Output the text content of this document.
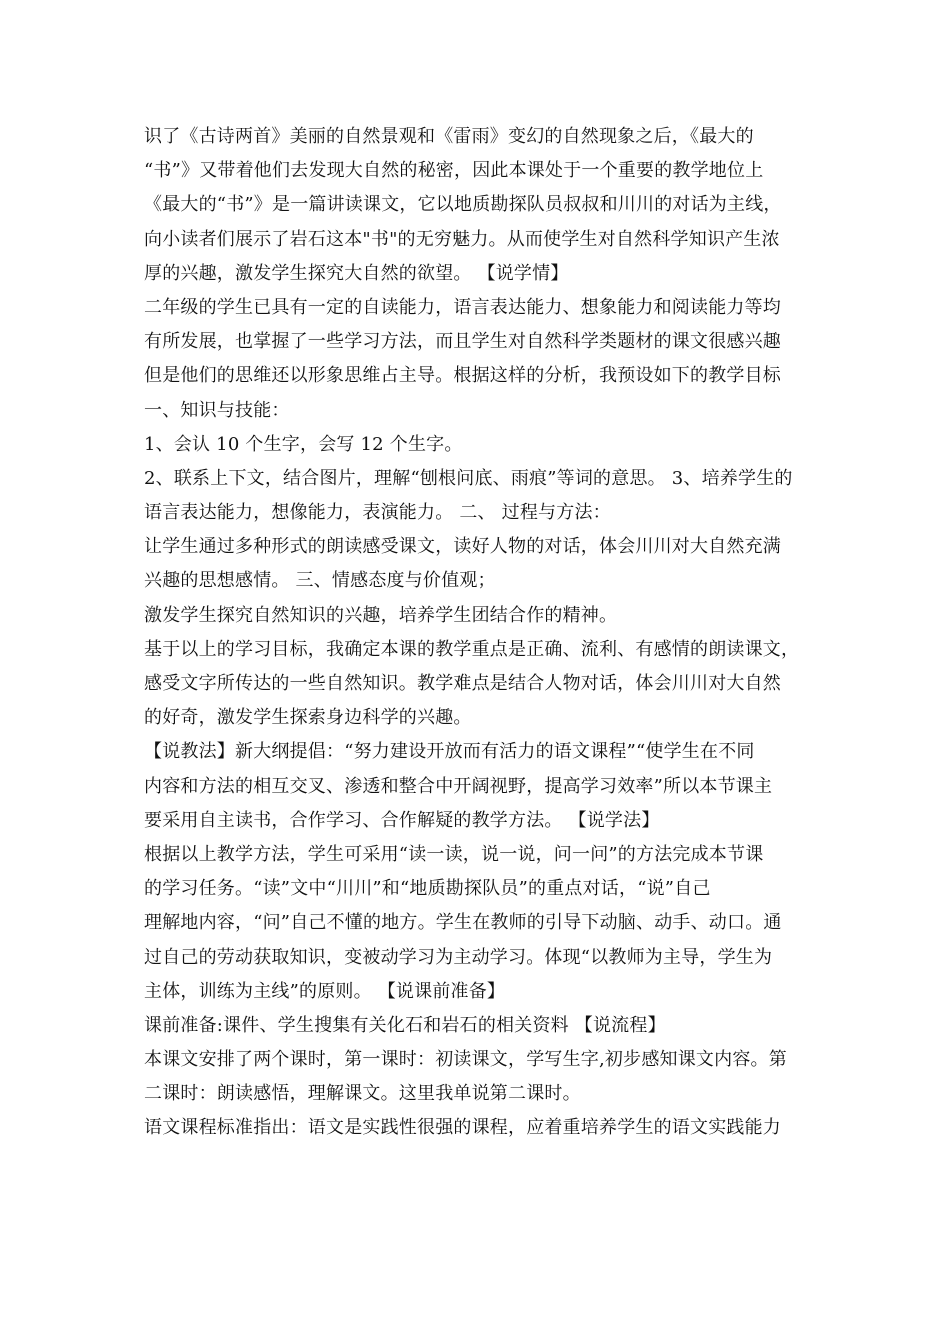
识了《古诗两首》美丽的自然景观和《雷雨》变幻的自然现象之后，《最大的
“书”》又带着他们去发现大自然的秘密，因此本课处于一个重要的教学地位上
《最大的“书”》是一篇讲读课文，它以地质勘探队员叔叔和川川的对话为主线，
向小读者们展示了岩石这本"书"的无穷魅力。从而使学生对自然科学知识产生浓
厚的兴趣，激发学生探究大自然的欲望。 【说学情】
二年级的学生已具有一定的自读能力，语言表达能力、想象能力和阅读能力等均
有所发展，也掌握了一些学习方法，而且学生对自然科学类题材的课文很感兴趣
但是他们的思维还以形象思维占主导。根据这样的分析，我预设如下的教学目标
一、知识与技能：
1、会认 10 个生字，会写 12 个生字。
2、联系上下文，结合图片，理解“刨根问底、雨痕”等词的意思。 3、培养学生的
语言表达能力，想像能力，表演能力。 二、 过程与方法：
让学生通过多种形式的朗读感受课文，读好人物的对话，体会川川对大自然充满
兴趣的思想感情。 三、情感态度与价值观；
激发学生探究自然知识的兴趣，培养学生团结合作的精神。
基于以上的学习目标，我确定本课的教学重点是正确、流利、有感情的朗读课文，
感受文字所传达的一些自然知识。教学难点是结合人物对话，体会川川对大自然
的好奇，激发学生探索身边科学的兴趣。
【说教法】新大纲提倡：“努力建设开放而有活力的语文课程”“使学生在不同
内容和方法的相互交叉、渗透和整合中开阔视野，提高学习效率”所以本节课主
要采用自主读书，合作学习、合作解疑的教学方法。 【说学法】
根据以上教学方法，学生可采用“读一读，说一说，问一问”的方法完成本节课
的学习任务。“读”文中“川川”和“地质勘探队员”的重点对话，“说”自己
理解地内容，“问”自己不懂的地方。学生在教师的引导下动脑、动手、动口。通
过自己的劳动获取知识，变被动学习为主动学习。体现“以教师为主导，学生为
主体，训练为主线”的原则。 【说课前准备】
课前准备:课件、学生搜集有关化石和岩石的相关资料 【说流程】
本课文安排了两个课时，第一课时：初读课文，学写生字,初步感知课文内容。第
二课时：朗读感悟，理解课文。这里我单说第二课时。
语文课程标准指出：语文是实践性很强的课程，应着重培养学生的语文实践能力
